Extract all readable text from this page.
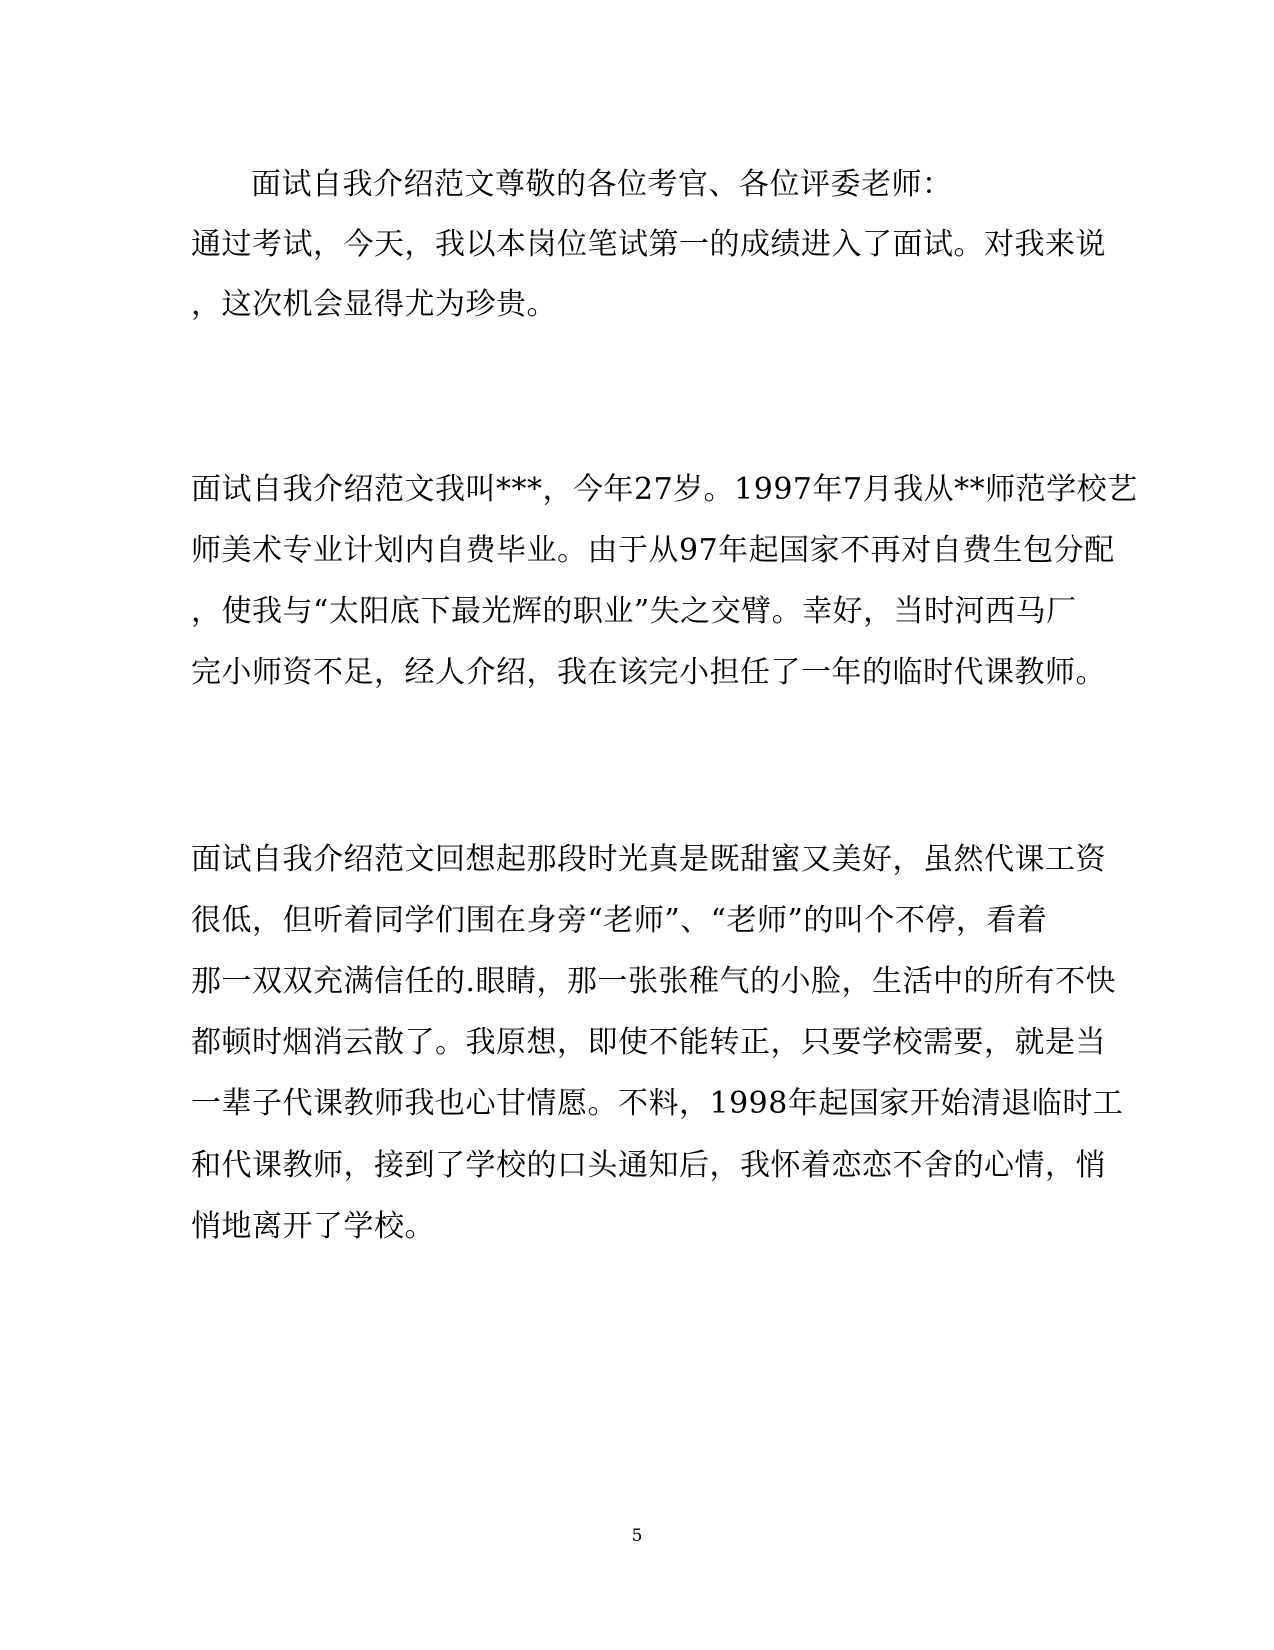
面试自我介绍范文尊敬的各位考官、各位评委老师：
通过考试，今天，我以本岗位笔试第一的成绩进入了面试。对我来说
，这次机会显得尤为珍贵。
面试自我介绍范文我叫***，今年27岁。1997年7月我从**师范学校艺
师美术专业计划内自费毕业。由于从97年起国家不再对自费生包分配
，使我与“太阳底下最光辉的职业”失之交臂。幸好，当时河西马厂
完小师资不足，经人介绍，我在该完小担任了一年的临时代课教师。
面试自我介绍范文回想起那段时光真是既甜蜜又美好，虽然代课工资
很低，但听着同学们围在身旁“老师”、“老师”的叫个不停，看着
那一双双充满信任的.眼睛，那一张张稚气的小脸，生活中的所有不快
都顿时烟消云散了。我原想，即使不能转正，只要学校需要，就是当
一辈子代课教师我也心甘情愿。不料，1998年起国家开始清退临时工
和代课教师，接到了学校的口头通知后，我怀着恋恋不舍的心情，悄
悄地离开了学校。
5
